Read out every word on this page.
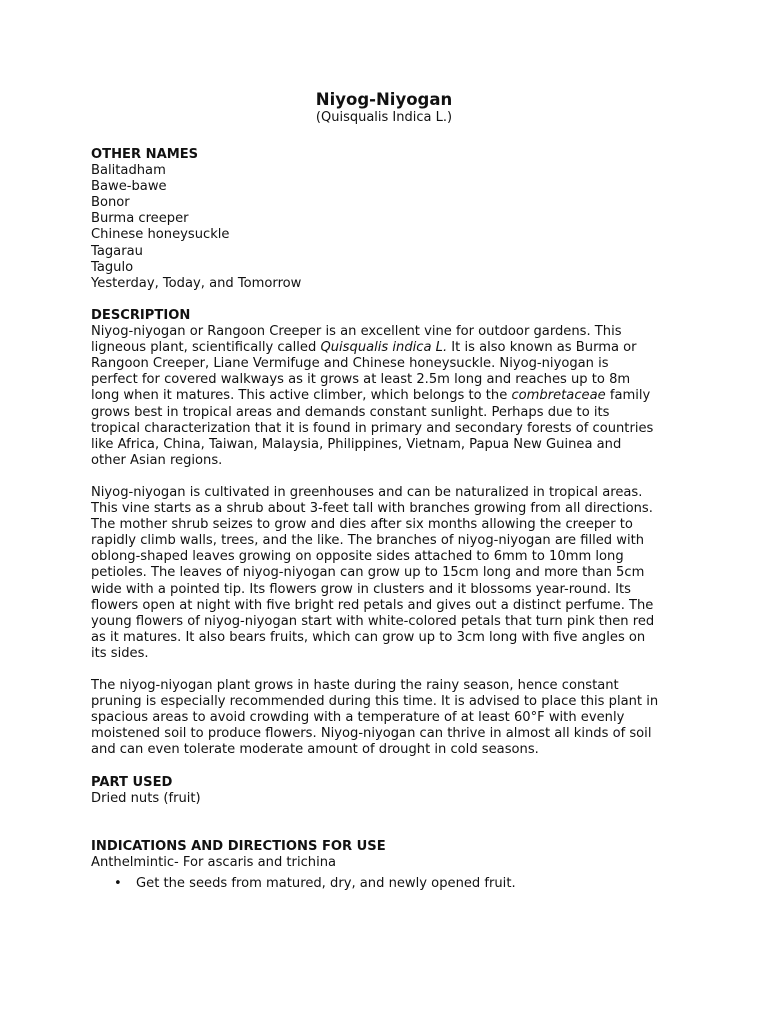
Niyog-Niyogan
(Quisqualis Indica L.)
OTHER NAMES
Balitadham
Bawe-bawe
Bonor
Burma creeper
Chinese honeysuckle
Tagarau
Tagulo
Yesterday, Today, and Tomorrow
DESCRIPTION
Niyog-niyogan or Rangoon Creeper is an excellent vine for outdoor gardens. This
ligneous plant, scientifically called Quisqualis indica L. It is also known as Burma or
Rangoon Creeper, Liane Vermifuge and Chinese honeysuckle. Niyog-niyogan is
perfect for covered walkways as it grows at least 2.5m long and reaches up to 8m
long when it matures. This active climber, which belongs to the combretaceae family
grows best in tropical areas and demands constant sunlight. Perhaps due to its
tropical characterization that it is found in primary and secondary forests of countries
like Africa, China, Taiwan, Malaysia, Philippines, Vietnam, Papua New Guinea and
other Asian regions.
Niyog-niyogan is cultivated in greenhouses and can be naturalized in tropical areas.
This vine starts as a shrub about 3-feet tall with branches growing from all directions.
The mother shrub seizes to grow and dies after six months allowing the creeper to
rapidly climb walls, trees, and the like. The branches of niyog-niyogan are filled with
oblong-shaped leaves growing on opposite sides attached to 6mm to 10mm long
petioles. The leaves of niyog-niyogan can grow up to 15cm long and more than 5cm
wide with a pointed tip. Its flowers grow in clusters and it blossoms year-round. Its
flowers open at night with five bright red petals and gives out a distinct perfume. The
young flowers of niyog-niyogan start with white-colored petals that turn pink then red
as it matures. It also bears fruits, which can grow up to 3cm long with five angles on
its sides.
The niyog-niyogan plant grows in haste during the rainy season, hence constant
pruning is especially recommended during this time. It is advised to place this plant in
spacious areas to avoid crowding with a temperature of at least 60°F with evenly
moistened soil to produce flowers. Niyog-niyogan can thrive in almost all kinds of soil
and can even tolerate moderate amount of drought in cold seasons.
PART USED
Dried nuts (fruit)
INDICATIONS AND DIRECTIONS FOR USE
Anthelmintic- For ascaris and trichina
• Get the seeds from matured, dry, and newly opened fruit.
